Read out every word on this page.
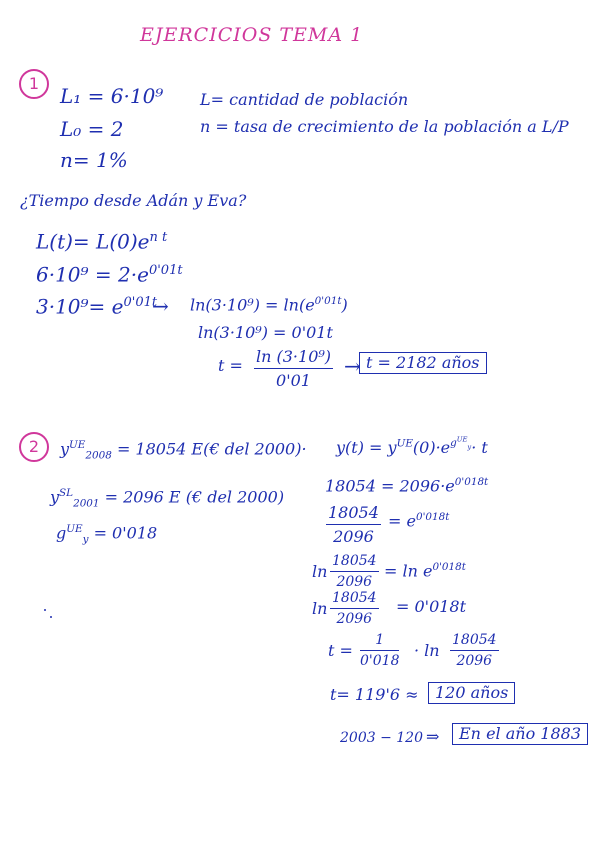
EJERCICIOS TEMA 1
1
L₁ = 6·10⁹
L₀ = 2
n= 1%
L= cantidad de población
n = tasa de crecimiento de la población a L/P
¿Tiempo desde Adán y Eva?
$L(t)= L(0)e^{n t}$
$6\cdot 10^9 = 2\cdot e^{0'01t}$
$3\cdot 10^9= e^{0'01t}$
→ $\ln(3\cdot 10^9) = \ln(e^{0'01t})$
ln(3·10⁹) = 0'01t
$t = \frac{\text{ln (3·10⁹)}}{0'01} \to t = 2182$ años
2	$y^{UE}_{2008} = 18054$ E(€ del 2000)·
$y^{SL}_{2001} = 2096$ E (€ del 2000)
$g^{UE}_y = 0'018$
$y(t) = y^{UE}(0)\cdot e^{g^{UE}_y}\cdot t$
$18054 = 2096\cdot e^{0'018t}$
$\frac{18054}{2096} = e^{0'018t}$
$\ln \frac{18054}{2096} = \ln e^{0'018t}$
$\ln \frac{18054}{2096} = 0'018t$
$t = \frac{1}{0'018} \cdot \ln \frac{18054}{2096}$
t= 119'6 ≈	120 años
2003 − 120 ⇒	En el año 1883
